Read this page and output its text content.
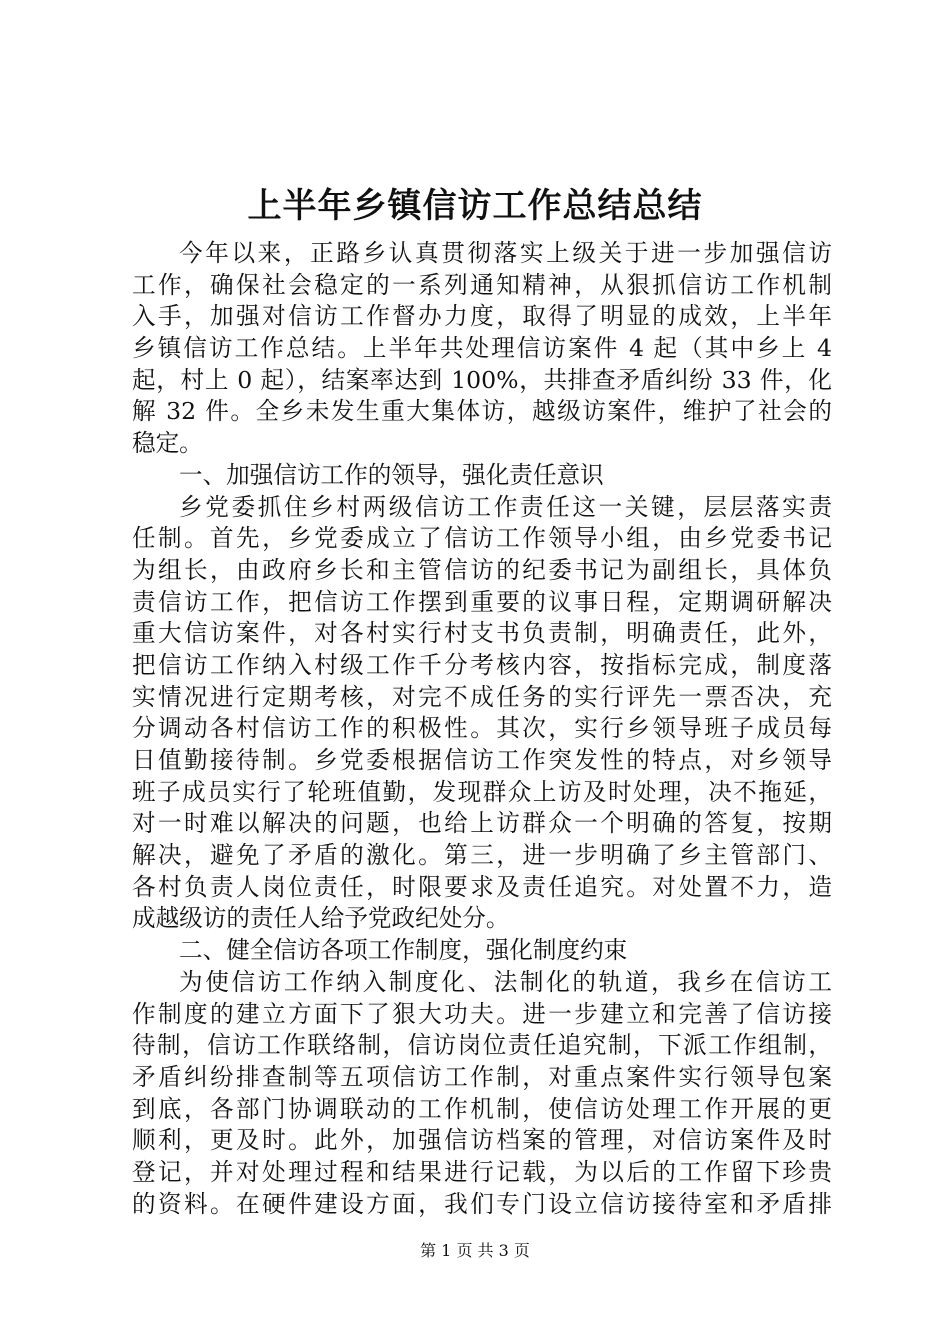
上半年乡镇信访工作总结总结
今年以来，正路乡认真贯彻落实上级关于进一步加强信访
工作，确保社会稳定的一系列通知精神，从狠抓信访工作机制
入手，加强对信访工作督办力度，取得了明显的成效，上半年
乡镇信访工作总结。上半年共处理信访案件 4 起（其中乡上 4
起，村上 0 起），结案率达到 100%，共排查矛盾纠纷 33 件，化
解 32 件。全乡未发生重大集体访，越级访案件，维护了社会的
稳定。
一、加强信访工作的领导，强化责任意识
乡党委抓住乡村两级信访工作责任这一关键，层层落实责
任制。首先，乡党委成立了信访工作领导小组，由乡党委书记
为组长，由政府乡长和主管信访的纪委书记为副组长，具体负
责信访工作，把信访工作摆到重要的议事日程，定期调研解决
重大信访案件，对各村实行村支书负责制，明确责任，此外，
把信访工作纳入村级工作千分考核内容，按指标完成，制度落
实情况进行定期考核，对完不成任务的实行评先一票否决，充
分调动各村信访工作的积极性。其次，实行乡领导班子成员每
日值勤接待制。乡党委根据信访工作突发性的特点，对乡领导
班子成员实行了轮班值勤，发现群众上访及时处理，决不拖延，
对一时难以解决的问题，也给上访群众一个明确的答复，按期
解决，避免了矛盾的激化。第三，进一步明确了乡主管部门、
各村负责人岗位责任，时限要求及责任追究。对处置不力，造
成越级访的责任人给予党政纪处分。
二、健全信访各项工作制度，强化制度约束
为使信访工作纳入制度化、法制化的轨道，我乡在信访工
作制度的建立方面下了狠大功夫。进一步建立和完善了信访接
待制，信访工作联络制，信访岗位责任追究制，下派工作组制，
矛盾纠纷排查制等五项信访工作制，对重点案件实行领导包案
到底，各部门协调联动的工作机制，使信访处理工作开展的更
顺利，更及时。此外，加强信访档案的管理，对信访案件及时
登记，并对处理过程和结果进行记载，为以后的工作留下珍贵
的资料。在硬件建设方面，我们专门设立信访接待室和矛盾排
第 1 页 共 3 页
